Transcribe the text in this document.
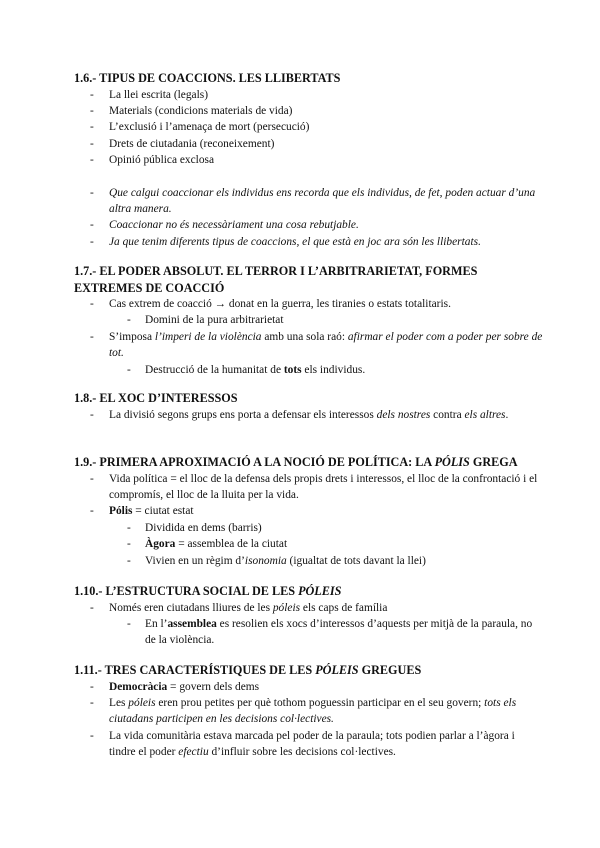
1.6.- TIPUS DE COACCIONS. LES LLIBERTATS
- La llei escrita (legals)
- Materials (condicions materials de vida)
- L’exclusió i l’amenaça de mort (persecució)
- Drets de ciutadania (reconeixement)
- Opinió pública exclosa
- Que calgui coaccionar els individus ens recorda que els individus, de fet, poden actuar d’una altra manera.
- Coaccionar no és necessàriament una cosa rebutjable.
- Ja que tenim diferents tipus de coaccions, el que està en joc ara són les llibertats.
1.7.- EL PODER ABSOLUT. EL TERROR I L’ARBITRARIETAT, FORMES EXTREMES DE COACCIÓ
- Cas extrem de coacció → donat en la guerra, les tiranies o estats totalitaris.
- Domini de la pura arbitrarietat
- S’imposa l’imperi de la violència amb una sola raó: afirmar el poder com a poder per sobre de tot.
- Destrucció de la humanitat de tots els individus.
1.8.- EL XOC D’INTERESSOS
- La divisió segons grups ens porta a defensar els interessos dels nostres contra els altres.
1.9.- PRIMERA APROXIMACIÓ A LA NOCIÓ DE POLÍTICA: LA PÓLIS GREGA
- Vida política = el lloc de la defensa dels propis drets i interessos, el lloc de la confrontació i el compromís, el lloc de la lluita per la vida.
- Pólis = ciutat estat
- Dividida en dems (barris)
- Àgora = assemblea de la ciutat
- Vivien en un règim d’isonomia (igualtat de tots davant la llei)
1.10.- L’ESTRUCTURA SOCIAL DE LES PÓLEIS
- Només eren ciutadans lliures de les póleis els caps de família
- En l’assemblea es resolien els xocs d’interessos d’aquests per mitjà de la paraula, no de la violència.
1.11.- TRES CARACTERÍSTIQUES DE LES PÓLEIS GREGUES
- Democràcia = govern dels dems
- Les póleis eren prou petites per què tothom poguessin participar en el seu govern; tots els ciutadans participen en les decisions col·lectives.
- La vida comunitària estava marcada pel poder de la paraula; tots podien parlar a l’àgora i tindre el poder efectiu d’influir sobre les decisions col·lectives.
